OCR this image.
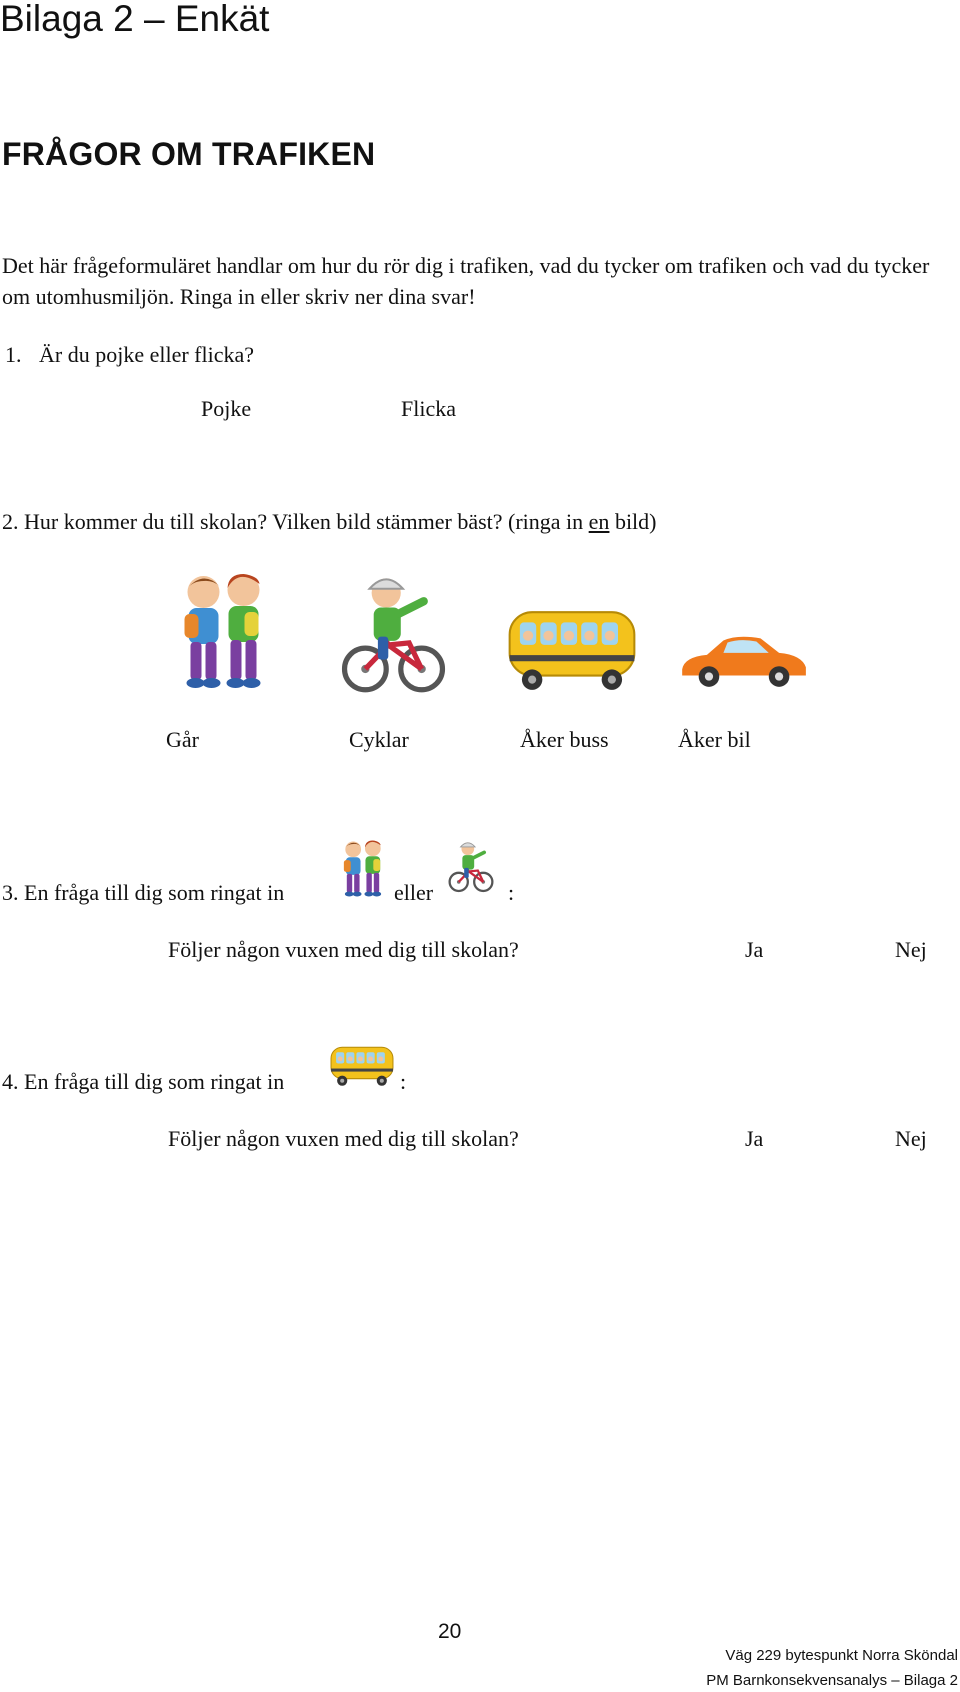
Bilaga 2 – Enkät
FRÅGOR OM TRAFIKEN
Det här frågeformuläret handlar om hur du rör dig i trafiken, vad du tycker om trafiken och vad du tycker om utomhusmiljön. Ringa in eller skriv ner dina svar!
1. Är du pojke eller flicka?
Pojke	Flicka
2. Hur kommer du till skolan? Vilken bild stämmer bäst? (ringa in en bild)
Går	Cyklar	Åker buss	Åker bil
3. En fråga till dig som ringat in	eller	:
Följer någon vuxen med dig till skolan?	Ja	Nej
4. En fråga till dig som ringat in	:
Följer någon vuxen med dig till skolan?	Ja	Nej
20
Väg 229 bytespunkt Norra Sköndal
PM Barnkonsekvensanalys – Bilaga 2
